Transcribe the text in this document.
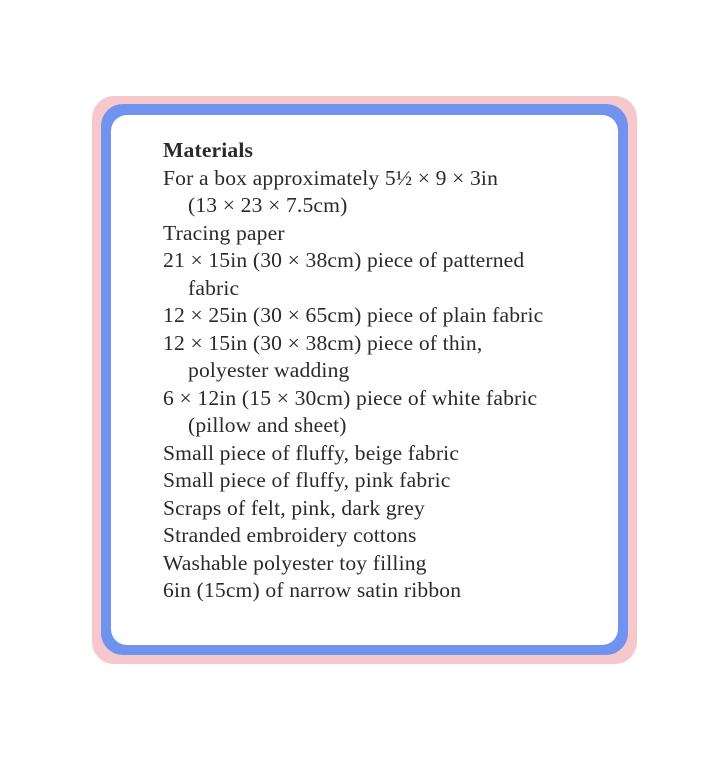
Materials
For a box approximately 5½ × 9 × 3in
(13 × 23 × 7.5cm)
Tracing paper
21 × 15in (30 × 38cm) piece of patterned
fabric
12 × 25in (30 × 65cm) piece of plain fabric
12 × 15in (30 × 38cm) piece of thin,
polyester wadding
6 × 12in (15 × 30cm) piece of white fabric
(pillow and sheet)
Small piece of fluffy, beige fabric
Small piece of fluffy, pink fabric
Scraps of felt, pink, dark grey
Stranded embroidery cottons
Washable polyester toy filling
6in (15cm) of narrow satin ribbon
